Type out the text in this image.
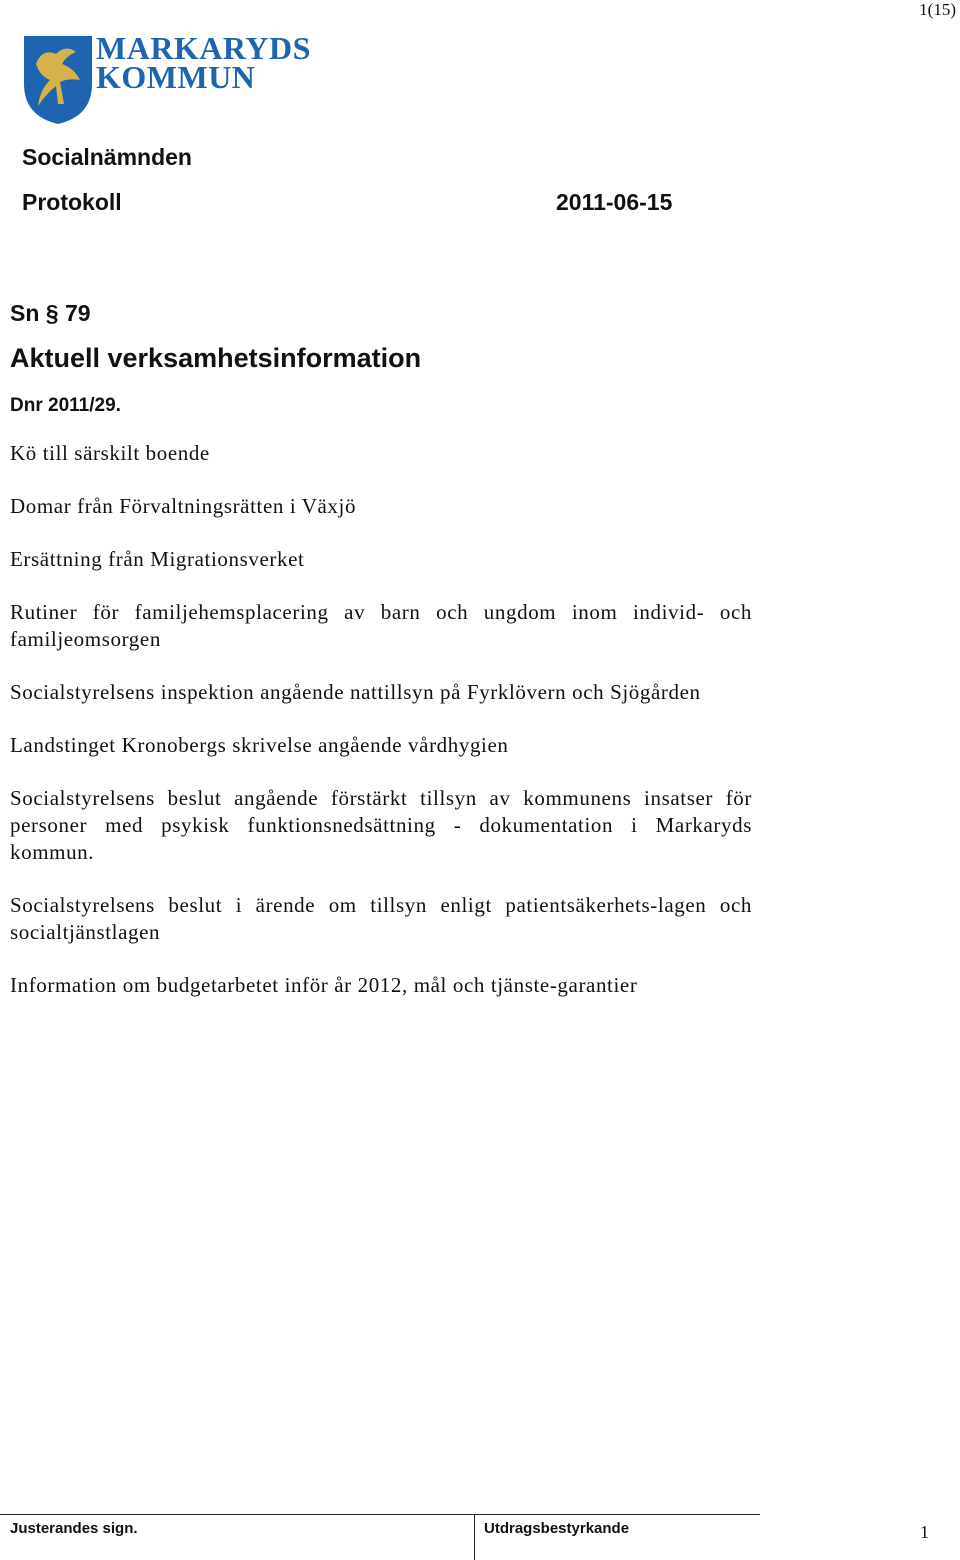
1(15)
MARKARYDS
KOMMUN
Socialnämnden
Protokoll	2011-06-15
Sn § 79
Aktuell verksamhetsinformation
Dnr 2011/29.

Kö till särskilt boende

Domar från Förvaltningsrätten i Växjö

Ersättning från Migrationsverket

Rutiner för familjehemsplacering av barn och ungdom inom individ- och familjeomsorgen

Socialstyrelsens inspektion angående nattillsyn på Fyrklövern och Sjögården

Landstinget Kronobergs skrivelse angående vårdhygien

Socialstyrelsens beslut angående förstärkt tillsyn av kommunens insatser för personer med psykisk funktionsnedsättning - dokumentation i Markaryds kommun.

Socialstyrelsens beslut i ärende om tillsyn enligt patientsäkerhets-lagen och socialtjänstlagen

Information om budgetarbetet inför år 2012, mål och tjänste-garantier

Justerandes sign.	Utdragsbestyrkande	1
